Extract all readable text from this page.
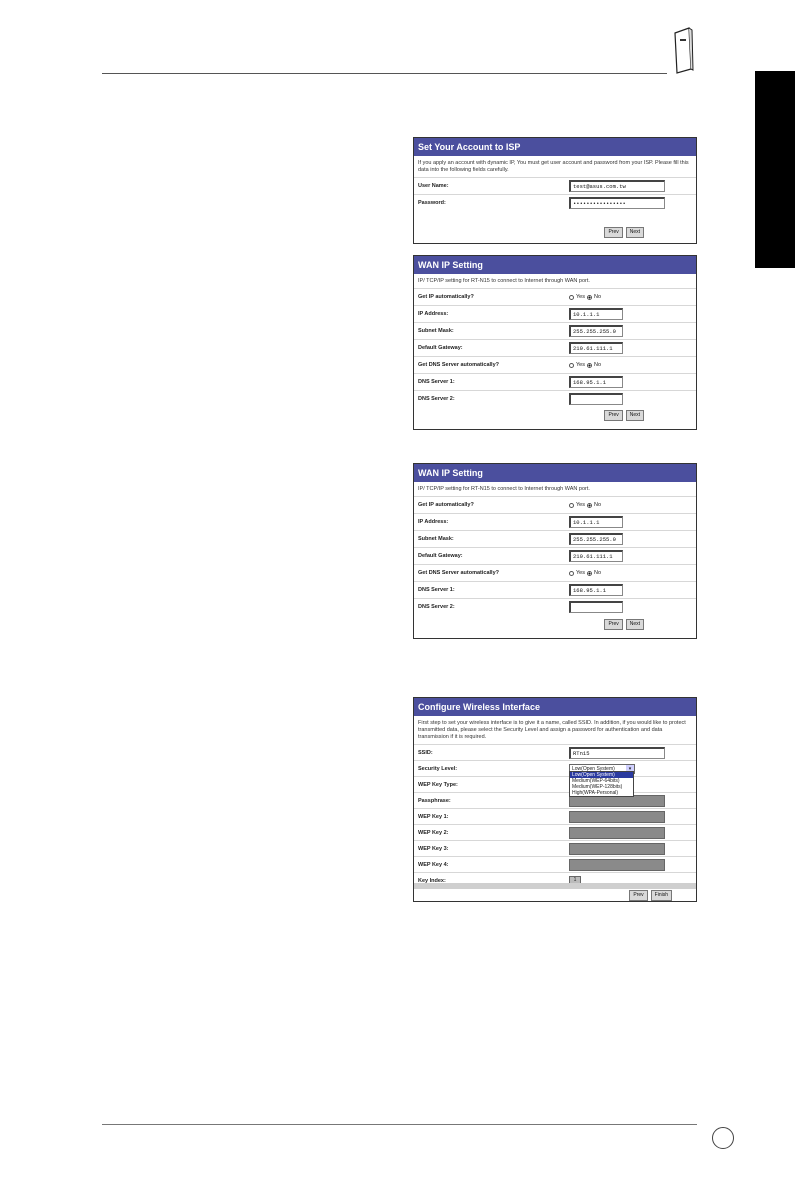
Set Your Account to ISP
If you apply an account with dynamic IP, You must get user account and password from your ISP. Please fill this data into the following fields carefully.
User Name:	test@asus.com.tw
Password:	••••••••••••••••
Prev	Next
WAN IP Setting
IP/ TCP/IP setting for RT-N15 to connect to Internet through WAN port.
Get IP automatically?	Yes No
IP Address:	10.1.1.1
Subnet Mask:	255.255.255.0
Default Gateway:	210.61.111.1
Get DNS Server automatically?	Yes No
DNS Server 1:	168.95.1.1
DNS Server 2:
Prev	Next
WAN IP Setting
IP/ TCP/IP setting for RT-N15 to connect to Internet through WAN port.
Get IP automatically?	Yes No
IP Address:	10.1.1.1
Subnet Mask:	255.255.255.0
Default Gateway:	210.61.111.1
Get DNS Server automatically?	Yes No
DNS Server 1:	168.95.1.1
DNS Server 2:
Prev	Next
Configure Wireless Interface
First step to set your wireless interface is to give it a name, called SSID. In addition, if you would like to protect transmitted data, please select the Security Level and assign a password for authentication and data transmission if it is required.
SSID:	RTn15
Security Level:	Low(Open System)	▾
WEP Key Type:
Passphrase:
WEP Key 1:
WEP Key 2:
WEP Key 3:
WEP Key 4:
Key Index:	1
Prev	Finish
Low(Open System)
Medium(WEP-64bits)
Medium(WEP-128bits)
High(WPA-Personal)
